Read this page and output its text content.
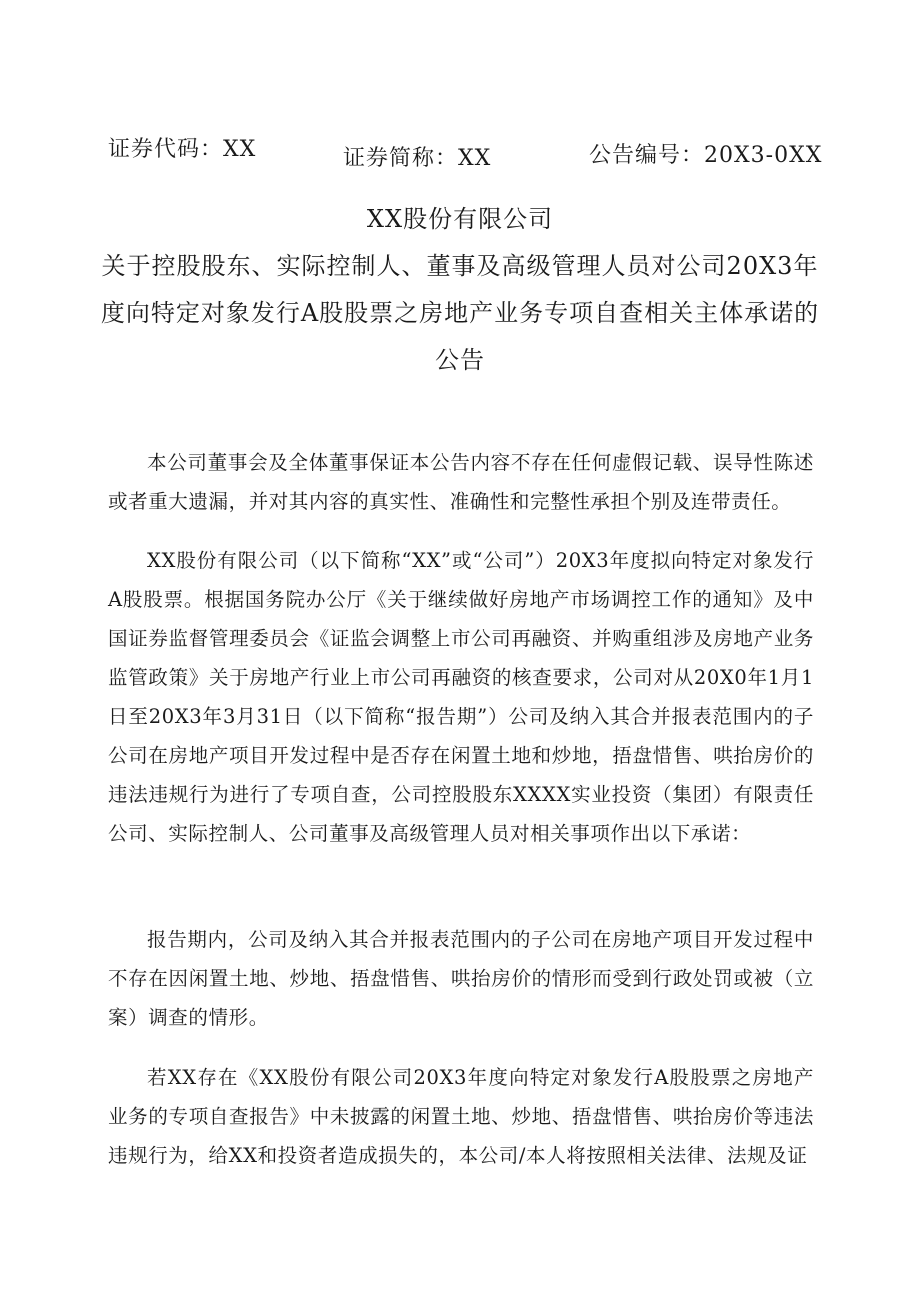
证券代码：XX	证券简称：XX	公告编号：20X3-0XX
XX股份有限公司
关于控股股东、实际控制人、董事及高级管理人员对公司20X3年度向特定对象发行A股股票之房地产业务专项自查相关主体承诺的公告

本公司董事会及全体董事保证本公告内容不存在任何虚假记载、误导性陈述或者重大遗漏，并对其内容的真实性、准确性和完整性承担个别及连带责任。

XX股份有限公司（以下简称“XX”或“公司”）20X3年度拟向特定对象发行A股股票。根据国务院办公厅《关于继续做好房地产市场调控工作的通知》及中国证券监督管理委员会《证监会调整上市公司再融资、并购重组涉及房地产业务监管政策》关于房地产行业上市公司再融资的核查要求，公司对从20X0年1月1日至20X3年3月31日（以下简称“报告期”）公司及纳入其合并报表范围内的子公司在房地产项目开发过程中是否存在闲置土地和炒地，捂盘惜售、哄抬房价的违法违规行为进行了专项自查，公司控股股东XXXX实业投资（集团）有限责任公司、实际控制人、公司董事及高级管理人员对相关事项作出以下承诺：

报告期内，公司及纳入其合并报表范围内的子公司在房地产项目开发过程中不存在因闲置土地、炒地、捂盘惜售、哄抬房价的情形而受到行政处罚或被（立案）调查的情形。

若XX存在《XX股份有限公司20X3年度向特定对象发行A股股票之房地产业务的专项自查报告》中未披露的闲置土地、炒地、捂盘惜售、哄抬房价等违法违规行为，给XX和投资者造成损失的，本公司/本人将按照相关法律、法规及证
